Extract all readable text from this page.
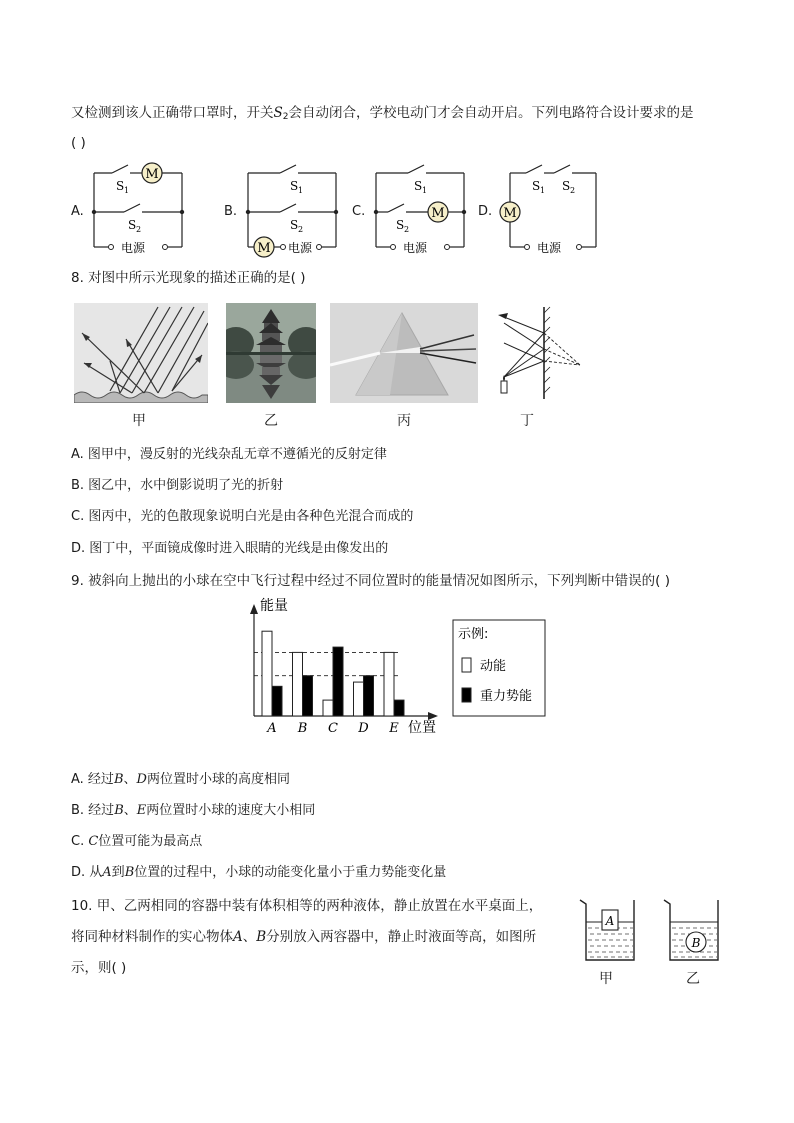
又检测到该人正确带口罩时，开关$S_2$会自动闭合，学校电动门才会自动开启。下列电路符合设计要求的是
( )
A.
M
S 1
S 2
电源
B.
M
S 1
S 2
电源
C.	M
S 1
S 2
电源
D. M
S 1 S 2
电源
8. 对图中所示光现象的描述正确的是( )
甲	乙	丙	丁
A. 图甲中，漫反射的光线杂乱无章不遵循光的反射定律
B. 图乙中，水中倒影说明了光的折射
C. 图丙中，光的色散现象说明白光是由各种色光混合而成的
D. 图丁中，平面镜成像时进入眼睛的光线是由像发出的
9. 被斜向上抛出的小球在空中飞行过程中经过不同位置时的能量情况如图所示，下列判断中错误的( )
能量
位置
A B C D E
示例:
动能
重力势能
A. 经过B、D两位置时小球的高度相同
B. 经过B、E两位置时小球的速度大小相同
C. C位置可能为最高点
D. 从A到B位置的过程中，小球的动能变化量小于重力势能变化量
10. 甲、乙两相同的容器中装有体积相等的两种液体，静止放置在水平桌面上，
将同种材料制作的实心物体A、B分别放入两容器中，静止时液面等高，如图所
示，则( )
A
甲
B
乙
